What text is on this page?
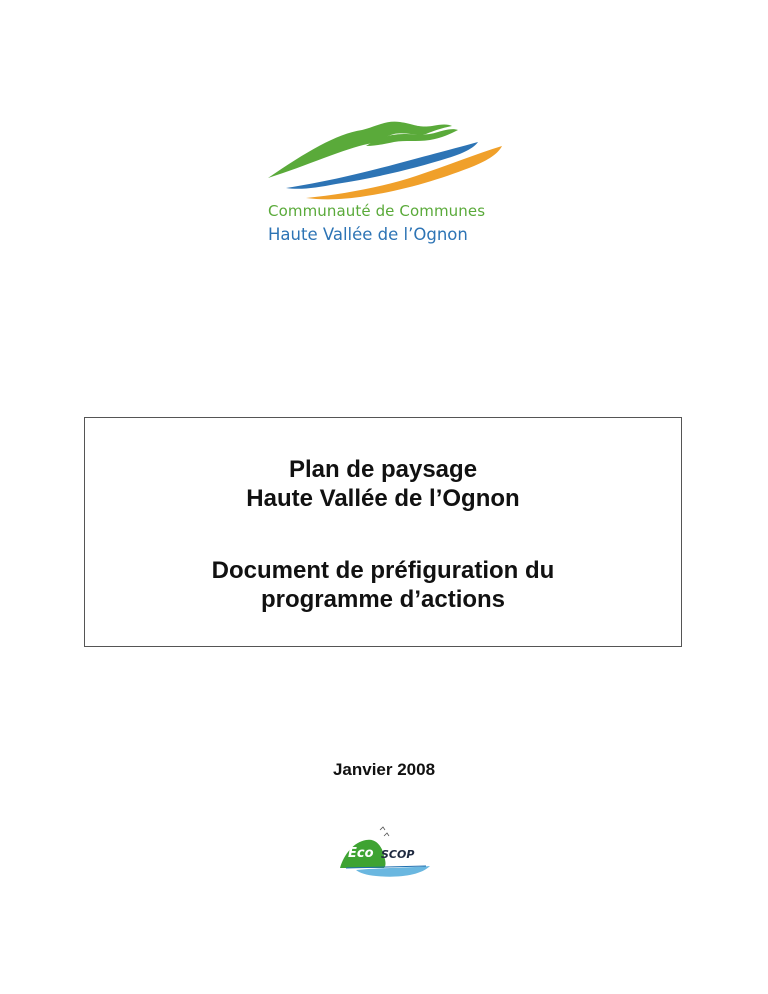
Communauté de Communes
Haute Vallée de l’Ognon

Plan de paysage

Haute Vallée de l’Ognon

Document de préfiguration du

programme d’actions

Janvier 2008
Eco SCOP
